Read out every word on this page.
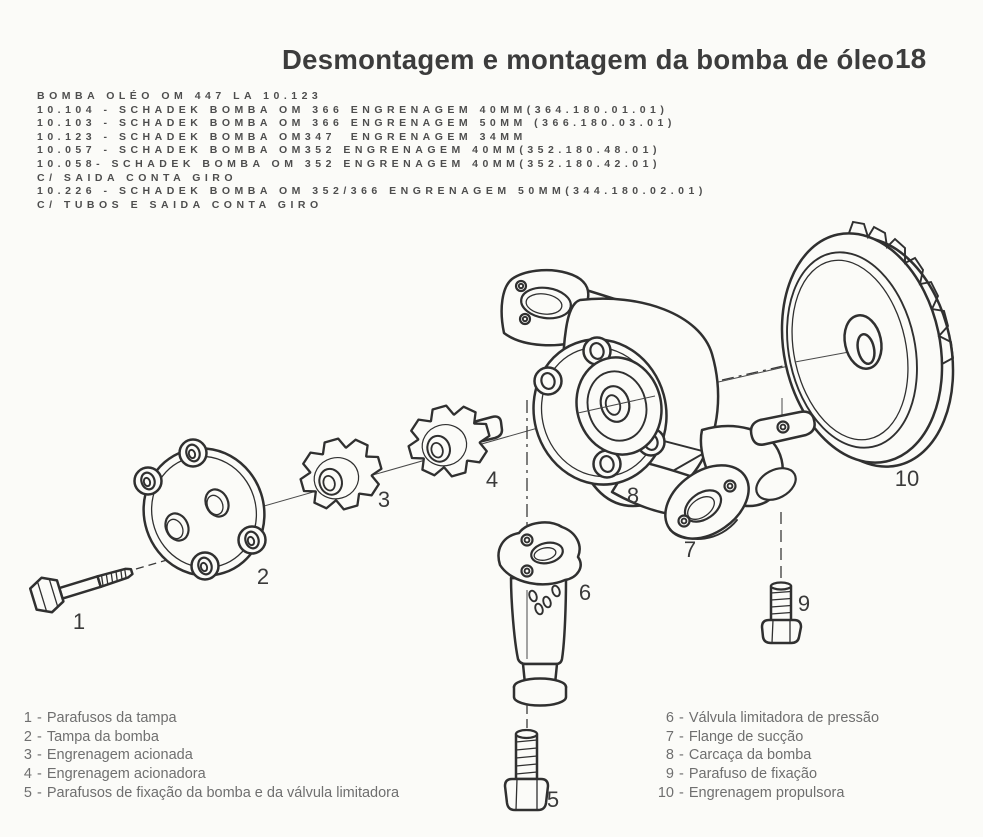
Desmontagem e montagem da bomba de óleo 18
BOMBA OLÉO OM 447 LA 10.123
10.104 - SCHADEK BOMBA OM 366 ENGRENAGEM 40MM(364.180.01.01)
10.103 - SCHADEK BOMBA OM 366 ENGRENAGEM 50MM (366.180.03.01)
10.123 - SCHADEK BOMBA OM347  ENGRENAGEM 34MM
10.057 - SCHADEK BOMBA OM352 ENGRENAGEM 40MM(352.180.48.01)
10.058- SCHADEK BOMBA OM 352 ENGRENAGEM 40MM(352.180.42.01)
C/ SAIDA CONTA GIRO
10.226 - SCHADEK BOMBA OM 352/366 ENGRENAGEM 50MM(344.180.02.01)
C/ TUBOS E SAIDA CONTA GIRO
1
2
3
4
5
6
7
8
9
10
1 - Parafusos da tampa
2 - Tampa da bomba
3 - Engrenagem acionada
4 - Engrenagem acionadora
5 - Parafusos de fixação da bomba e da válvula limitadora
6 - Válvula limitadora de pressão
7 - Flange de sucção
8 - Carcaça da bomba
9 - Parafuso de fixação
10 - Engrenagem propulsora
